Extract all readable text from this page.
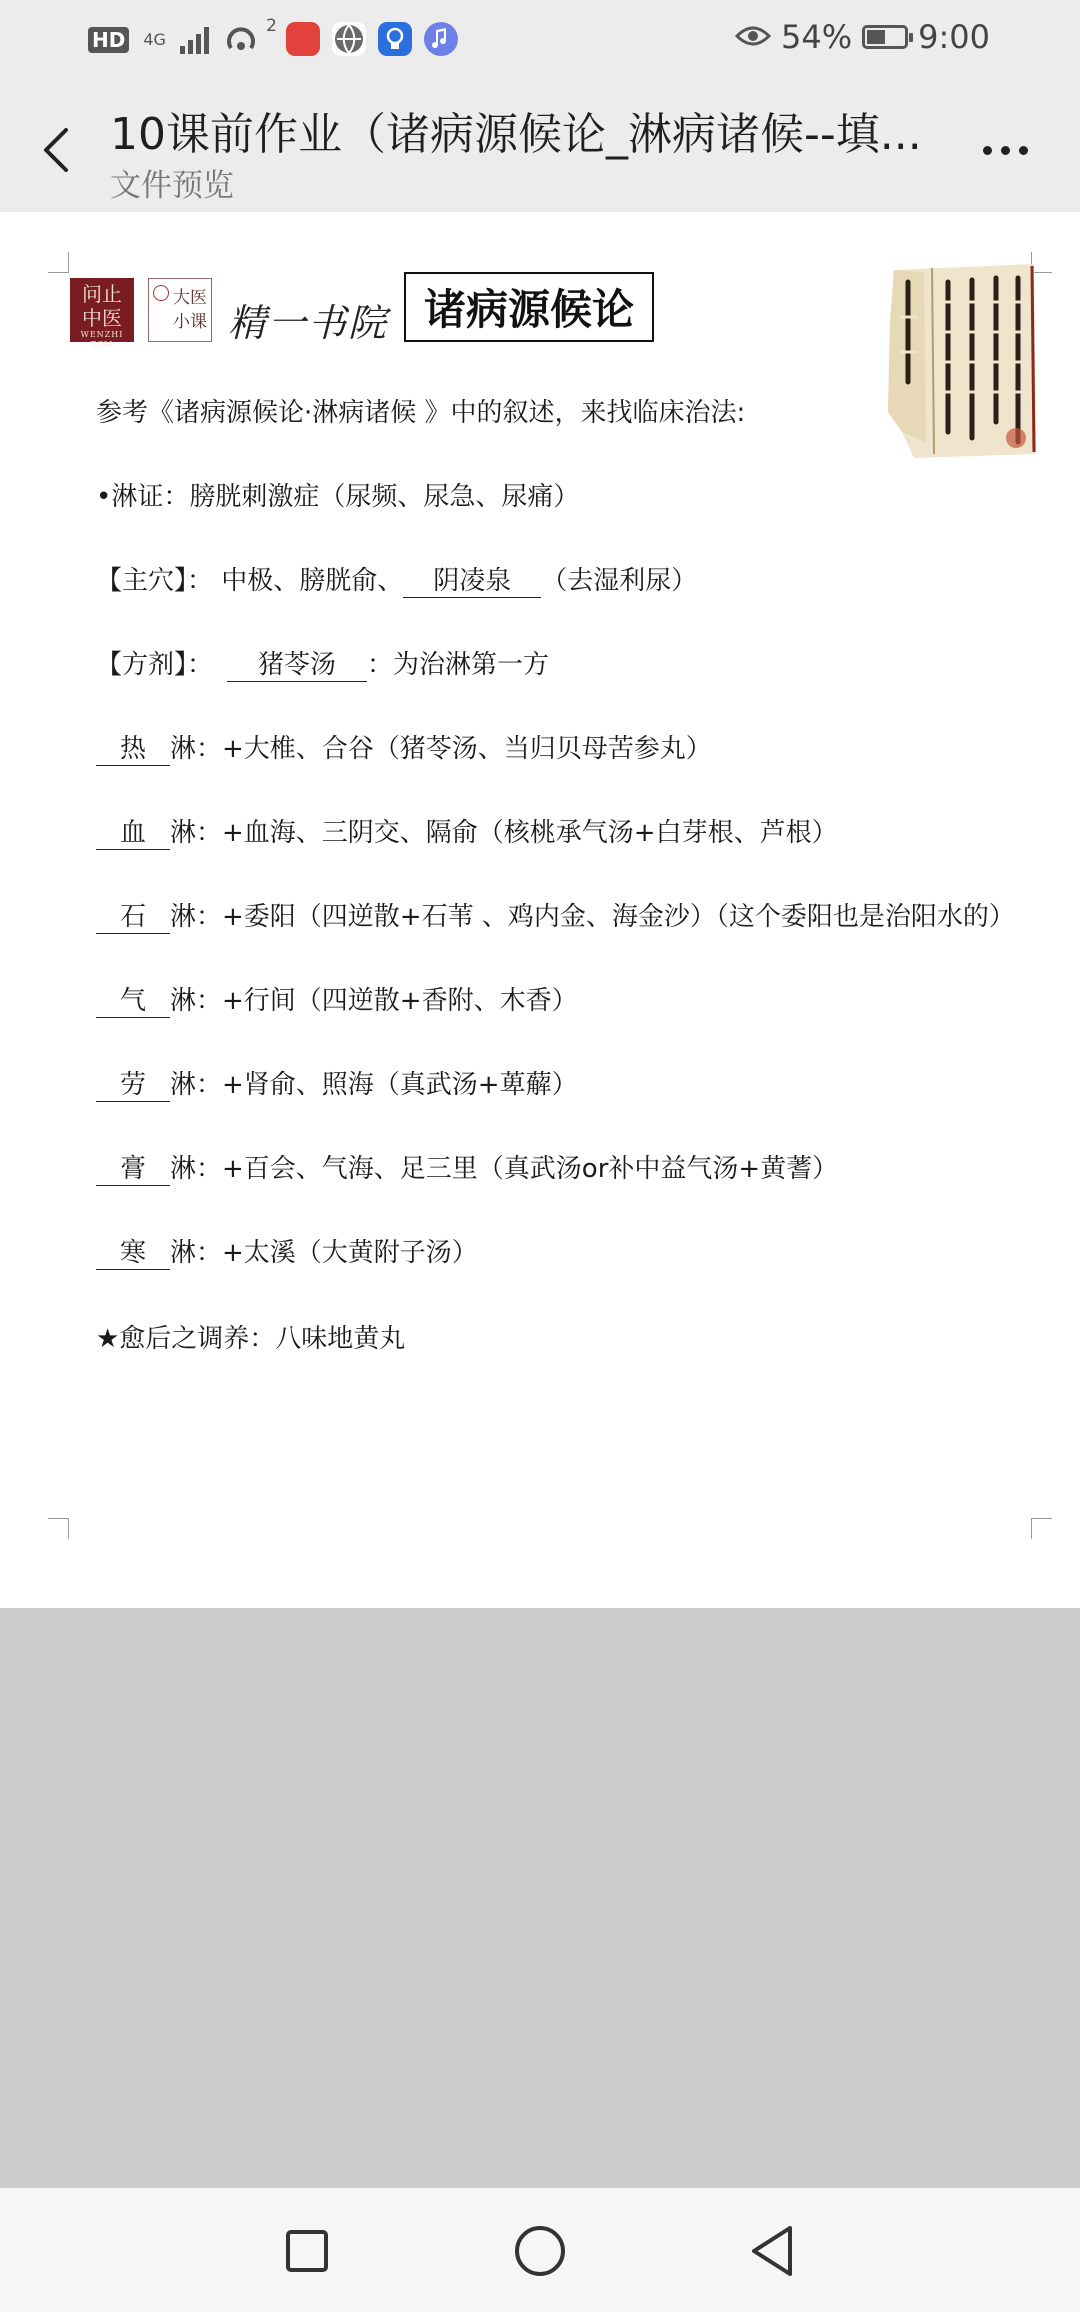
HD 4G
2	54% 9:00
10课前作业（诸病源候论_淋病诸候--填...
文件预览
问止
中医
WENZHI TCM
大医
小课 精一书院 诸病源候论
参考《诸病源候论·淋病诸候 》中的叙述，来找临床治法:
•淋证：膀胱刺激症（尿频、尿急、尿痛）
【主穴】： 中极、膀胱俞、 阴凌泉 （去湿利尿）
【方剂】： 猪苓汤 ：为治淋第一方
热 淋：+大椎、合谷（猪苓汤、当归贝母苦参丸）
血 淋：+血海、三阴交、隔俞（核桃承气汤+白芽根、芦根）
石 淋：+委阳（四逆散+石苇 、鸡内金、海金沙）（这个委阳也是治阳水的）
气 淋：+行间（四逆散+香附、木香）
劳 淋：+肾俞、照海（真武汤+萆薢）
膏 淋：+百会、气海、足三里（真武汤or补中益气汤+黄蓍）
寒 淋：+太溪（大黄附子汤）
★愈后之调养：八味地黄丸
